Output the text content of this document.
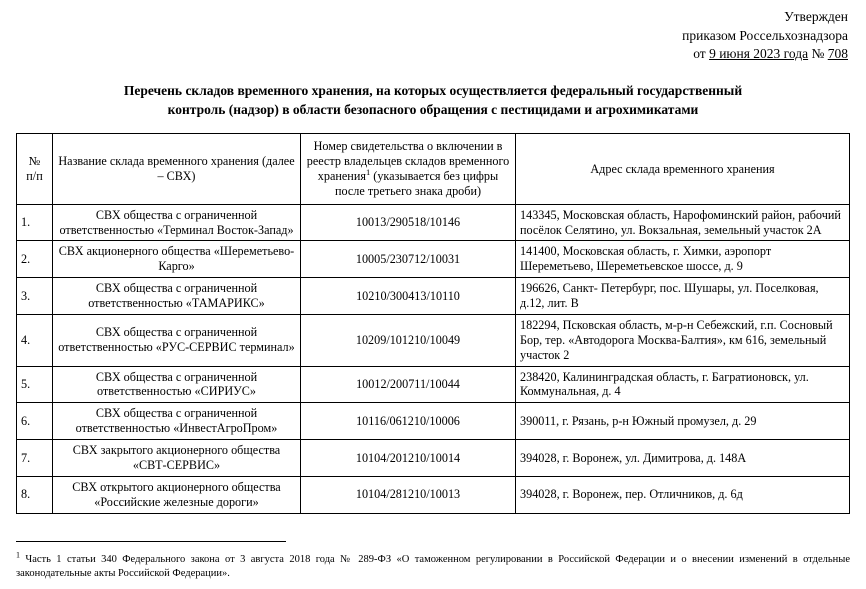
Утвержден
приказом Россельхознадзора
от 9 июня 2023 года № 708
Перечень складов временного хранения, на которых осуществляется федеральный государственный
контроль (надзор) в области безопасного обращения с пестицидами и агрохимикатами
№
п/п	Название склада временного хранения (далее – СВХ)	Номер свидетельства о включении в реестр владельцев складов временного хранения$^1$ (указывается без цифры после третьего знака дроби)	Адрес склада временного хранения
1.	СВХ общества с ограниченной ответственностью «Терминал Восток-Запад»	10013/290518/10146	143345, Московская область, Нарофоминский район, рабочий посёлок Селятино, ул. Вокзальная, земельный участок 2А
2.	СВХ акционерного общества «Шереметьево-Карго»	10005/230712/10031	141400, Московская область, г. Химки, аэропорт Шереметьево, Шереметьевское шоссе, д. 9
3.	СВХ общества с ограниченной ответственностью «ТАМАРИКС»	10210/300413/10110	196626, Санкт- Петербург, пос. Шушары, ул. Поселковая, д.12, лит. В
4.	СВХ общества с ограниченной ответственностью «РУС-СЕРВИС терминал»	10209/101210/10049	182294, Псковская область, м-р-н Себежский, г.п. Сосновый Бор, тер. «Автодорога Москва-Балтия», км 616, земельный участок 2
5.	СВХ общества с ограниченной ответственностью «СИРИУС»	10012/200711/10044	238420, Калининградская область, г. Багратионовск, ул. Коммунальная, д. 4
6.	СВХ общества с ограниченной ответственностью «ИнвестАгроПром»	10116/061210/10006	390011, г. Рязань, р-н Южный промузел, д. 29
7.	СВХ закрытого акционерного общества «СВТ-СЕРВИС»	10104/201210/10014	394028, г. Воронеж, ул. Димитрова, д. 148А
8.	СВХ открытого акционерного общества «Российские железные дороги»	10104/281210/10013	394028, г. Воронеж, пер. Отличников, д. 6д
$^1$ Часть 1 статьи 340 Федерального закона от 3 августа 2018 года № 289-ФЗ «О таможенном регулировании в Российской Федерации и о внесении изменений в отдельные законодательные акты Российской Федерации».
